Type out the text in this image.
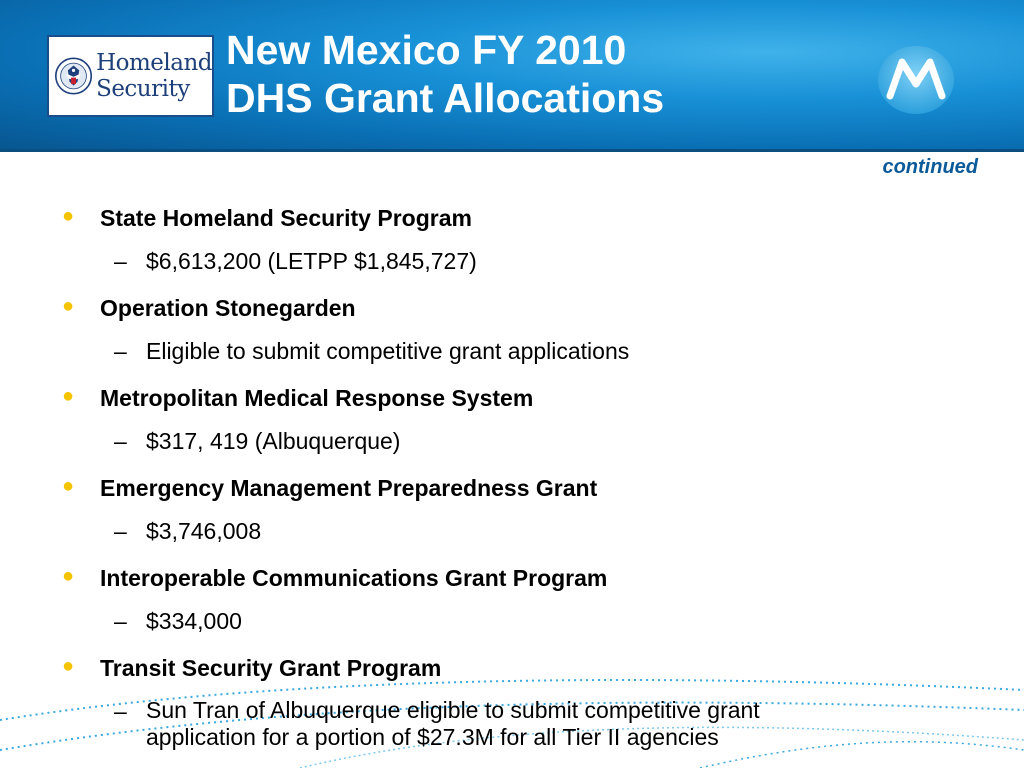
Homeland
Security
New Mexico FY 2010
DHS Grant Allocations
continued
● State Homeland Security Program
– $6,613,200 (LETPP $1,845,727)
● Operation Stonegarden
– Eligible to submit competitive grant applications
● Metropolitan Medical Response System
– $317, 419 (Albuquerque)
● Emergency Management Preparedness Grant
– $3,746,008
● Interoperable Communications Grant Program
– $334,000
● Transit Security Grant Program
– Sun Tran of Albuquerque eligible to submit competitive grant
application for a portion of $27.3M for all Tier II agencies
